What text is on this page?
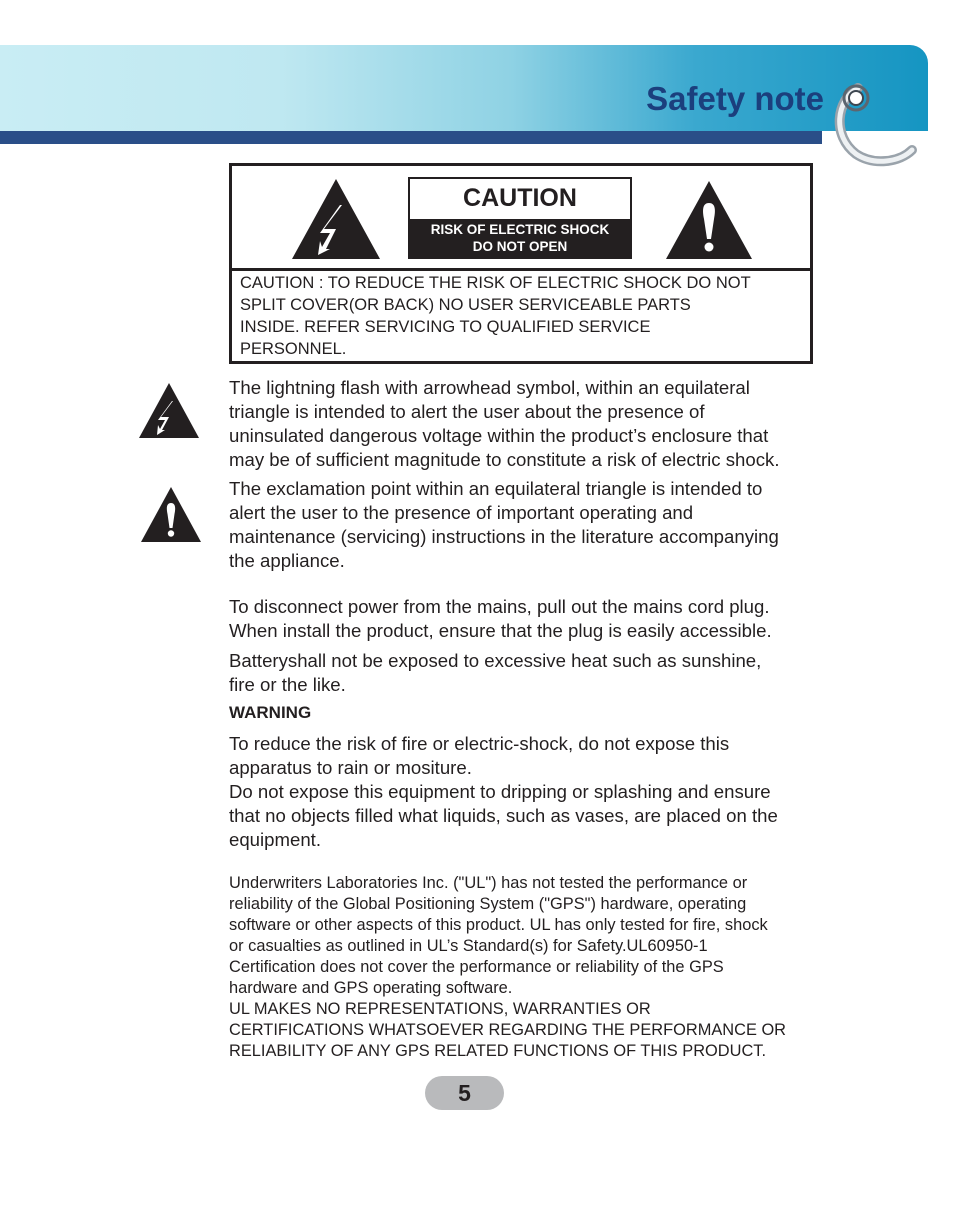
Safety note
CAUTION
RISK OF ELECTRIC SHOCK
DO NOT OPEN
CAUTION : TO REDUCE THE RISK OF ELECTRIC SHOCK DO NOT
SPLIT COVER(OR BACK) NO USER SERVICEABLE PARTS
INSIDE. REFER SERVICING TO QUALIFIED SERVICE
PERSONNEL.
The lightning flash with arrowhead symbol, within an equilateral
triangle is intended to alert the user about the presence of
uninsulated dangerous voltage within the product’s enclosure that
may be of sufficient magnitude to constitute a risk of electric shock.
The exclamation point within an equilateral triangle is intended to
alert the user to the presence of important operating and
maintenance (servicing) instructions in the literature accompanying
the appliance.
To disconnect power from the mains, pull out the mains cord plug.
When install the product, ensure that the plug is easily accessible.
Batteryshall not be exposed to excessive heat such as sunshine,
fire or the like.
WARNING
To reduce the risk of fire or electric-shock, do not expose this
apparatus to rain or mositure.
Do not expose this equipment to dripping or splashing and ensure
that no objects filled what liquids, such as vases, are placed on the
equipment.
Underwriters Laboratories Inc. ("UL") has not tested the performance or
reliability of the Global Positioning System ("GPS") hardware, operating
software or other aspects of this product. UL has only tested for fire, shock
or casualties as outlined in UL’s Standard(s) for Safety.UL60950-1
Certification does not cover the performance or reliability of the GPS
hardware and GPS operating software.
UL MAKES NO REPRESENTATIONS, WARRANTIES OR
CERTIFICATIONS WHATSOEVER REGARDING THE PERFORMANCE OR
RELIABILITY OF ANY GPS RELATED FUNCTIONS OF THIS PRODUCT.
5
